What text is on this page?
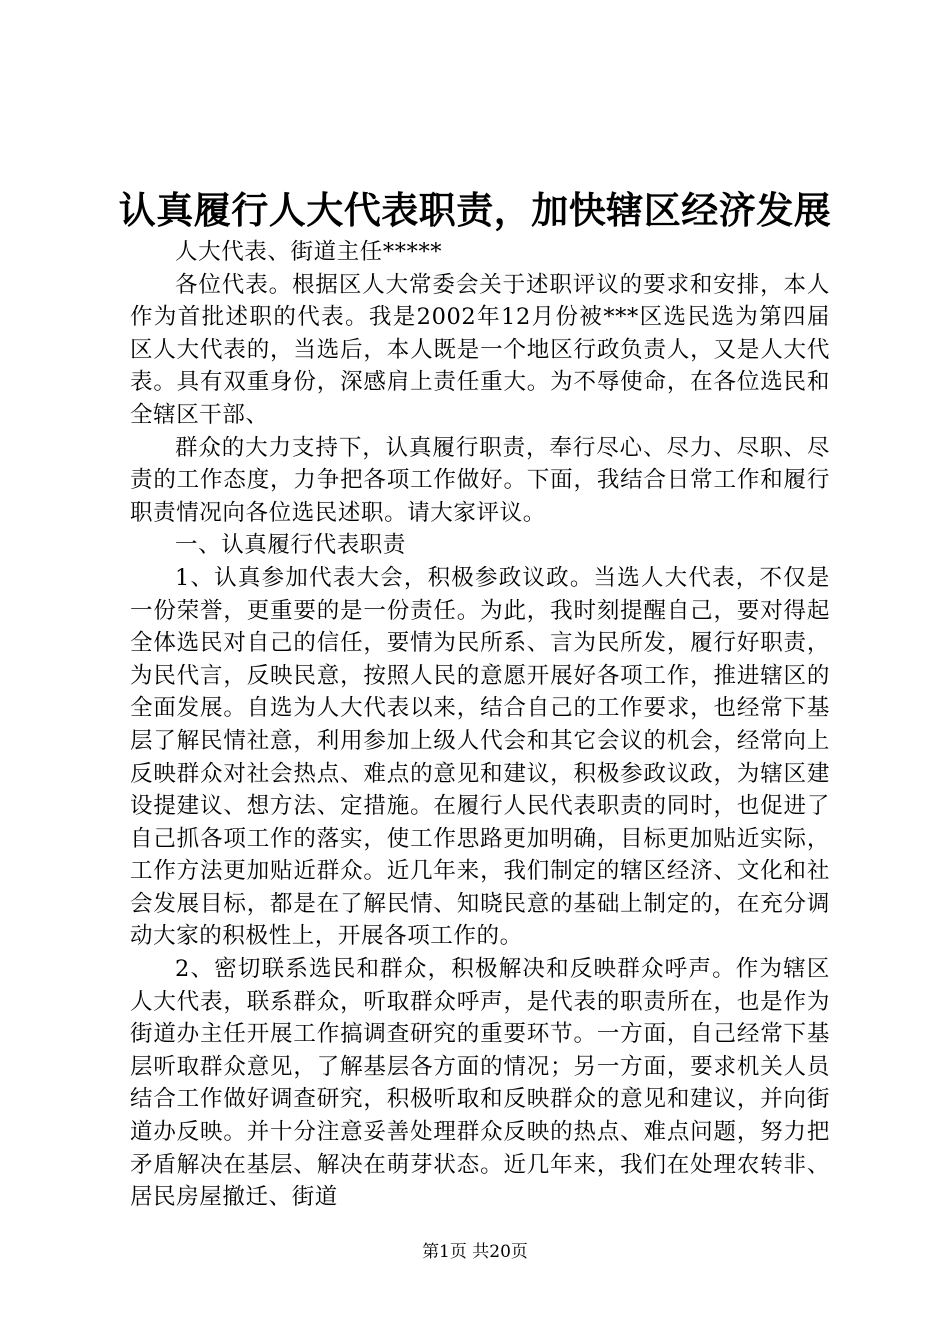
认真履行人大代表职责，加快辖区经济发展

人大代表、街道主任*****

各位代表。根据区人大常委会关于述职评议的要求和安排，本人作为首批述职的代表。我是2002年12月份被***区选民选为第四届区人大代表的，当选后，本人既是一个地区行政负责人，又是人大代表。具有双重身份，深感肩上责任重大。为不辱使命，在各位选民和全辖区干部、

群众的大力支持下，认真履行职责，奉行尽心、尽力、尽职、尽责的工作态度，力争把各项工作做好。下面，我结合日常工作和履行职责情况向各位选民述职。请大家评议。

一、认真履行代表职责

1、认真参加代表大会，积极参政议政。当选人大代表，不仅是一份荣誉，更重要的是一份责任。为此，我时刻提醒自己，要对得起全体选民对自己的信任，要情为民所系、言为民所发，履行好职责，为民代言，反映民意，按照人民的意愿开展好各项工作，推进辖区的全面发展。自选为人大代表以来，结合自己的工作要求，也经常下基层了解民情社意，利用参加上级人代会和其它会议的机会，经常向上反映群众对社会热点、难点的意见和建议，积极参政议政，为辖区建设提建议、想方法、定措施。在履行人民代表职责的同时，也促进了自己抓各项工作的落实，使工作思路更加明确，目标更加贴近实际，工作方法更加贴近群众。近几年来，我们制定的辖区经济、文化和社会发展目标，都是在了解民情、知晓民意的基础上制定的，在充分调动大家的积极性上，开展各项工作的。

2、密切联系选民和群众，积极解决和反映群众呼声。作为辖区人大代表，联系群众，听取群众呼声，是代表的职责所在，也是作为街道办主任开展工作搞调查研究的重要环节。一方面，自己经常下基层听取群众意见，了解基层各方面的情况；另一方面，要求机关人员结合工作做好调查研究，积极听取和反映群众的意见和建议，并向街道办反映。并十分注意妥善处理群众反映的热点、难点问题，努力把矛盾解决在基层、解决在萌芽状态。近几年来，我们在处理农转非、居民房屋撤迁、街道

第1页 共20页
